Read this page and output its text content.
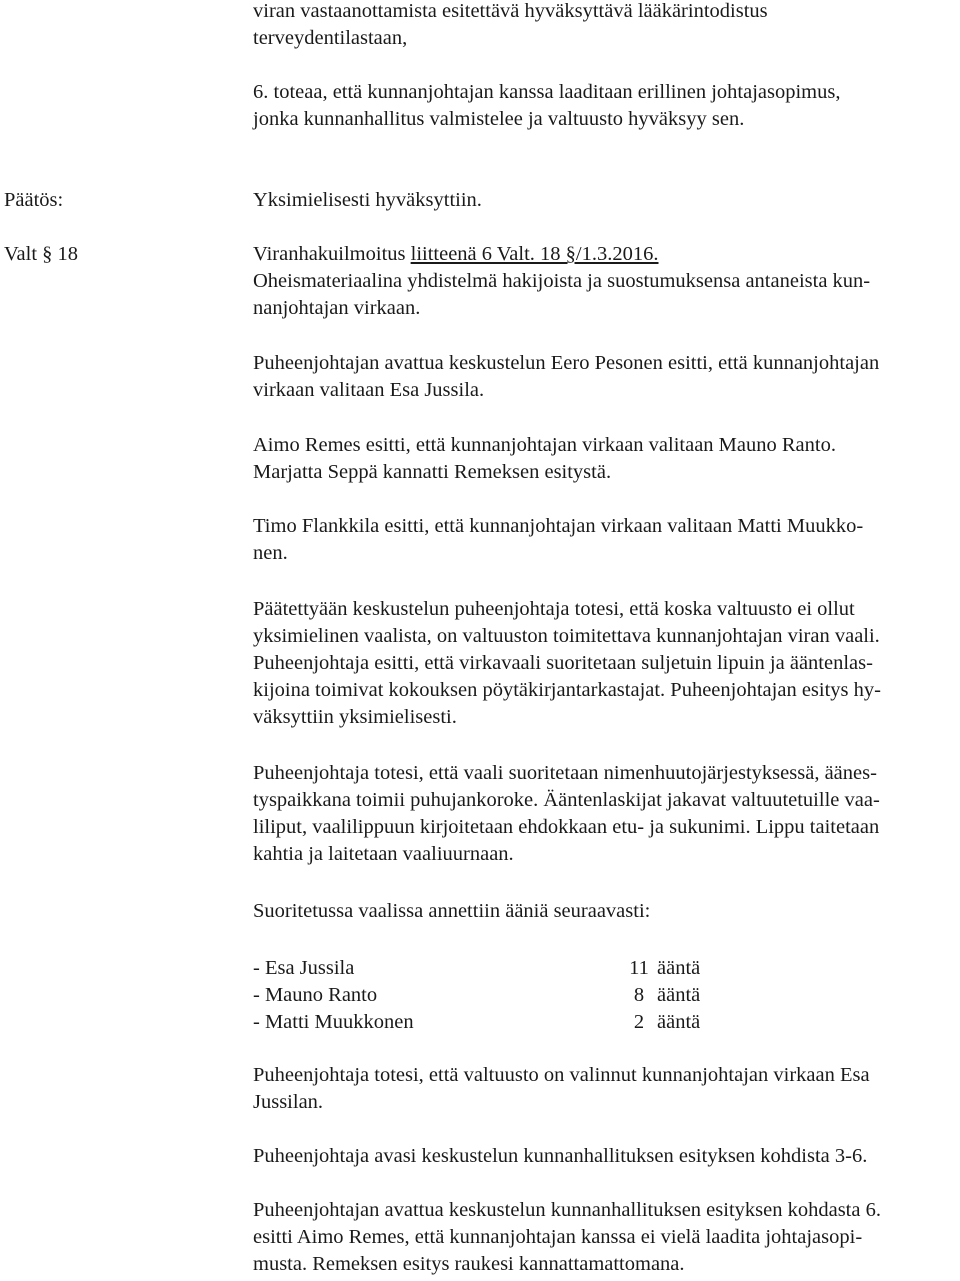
viran vastaanottamista esitettävä hyväksyttävä lääkärintodistus
terveydentilastaan,

6. toteaa, että kunnanjohtajan kanssa laaditaan erillinen johtajasopimus,
jonka kunnanhallitus valmistelee ja valtuusto hyväksyy sen.

Päätös:	Yksimielisesti hyväksyttiin.

Valt § 18	Viranhakuilmoitus liitteenä 6 Valt. 18 §/1.3.2016.
Oheismateriaalina yhdistelmä hakijoista ja suostumuksensa antaneista kun-
nanjohtajan virkaan.

Puheenjohtajan avattua keskustelun Eero Pesonen esitti, että kunnanjohtajan
virkaan valitaan Esa Jussila.

Aimo Remes esitti, että kunnanjohtajan virkaan valitaan Mauno Ranto.
Marjatta Seppä kannatti Remeksen esitystä.

Timo Flankkila esitti, että kunnanjohtajan virkaan valitaan Matti Muukko-
nen.

Päätettyään keskustelun puheenjohtaja totesi, että koska valtuusto ei ollut
yksimielinen vaalista, on valtuuston toimitettava kunnanjohtajan viran vaali.
Puheenjohtaja esitti, että virkavaali suoritetaan suljetuin lipuin ja ääntenlas-
kijoina toimivat kokouksen pöytäkirjantarkastajat. Puheenjohtajan esitys hy-
väksyttiin yksimielisesti.

Puheenjohtaja totesi, että vaali suoritetaan nimenhuutojärjestyksessä, äänes-
tyspaikkana toimii puhujankoroke. Ääntenlaskijat jakavat valtuutetuille vaa-
liliput, vaalilippuun kirjoitetaan ehdokkaan etu- ja sukunimi. Lippu taitetaan
kahtia ja laitetaan vaaliuurnaan.

Suoritetussa vaalissa annettiin ääniä seuraavasti:

- Esa Jussila	11 ääntä
- Mauno Ranto	8 ääntä
- Matti Muukkonen	2 ääntä

Puheenjohtaja totesi, että valtuusto on valinnut kunnanjohtajan virkaan Esa
Jussilan.

Puheenjohtaja avasi keskustelun kunnanhallituksen esityksen kohdista 3-6.

Puheenjohtajan avattua keskustelun kunnanhallituksen esityksen kohdasta 6.
esitti Aimo Remes, että kunnanjohtajan kanssa ei vielä laadita johtajasopi-
musta. Remeksen esitys raukesi kannattamattomana.
